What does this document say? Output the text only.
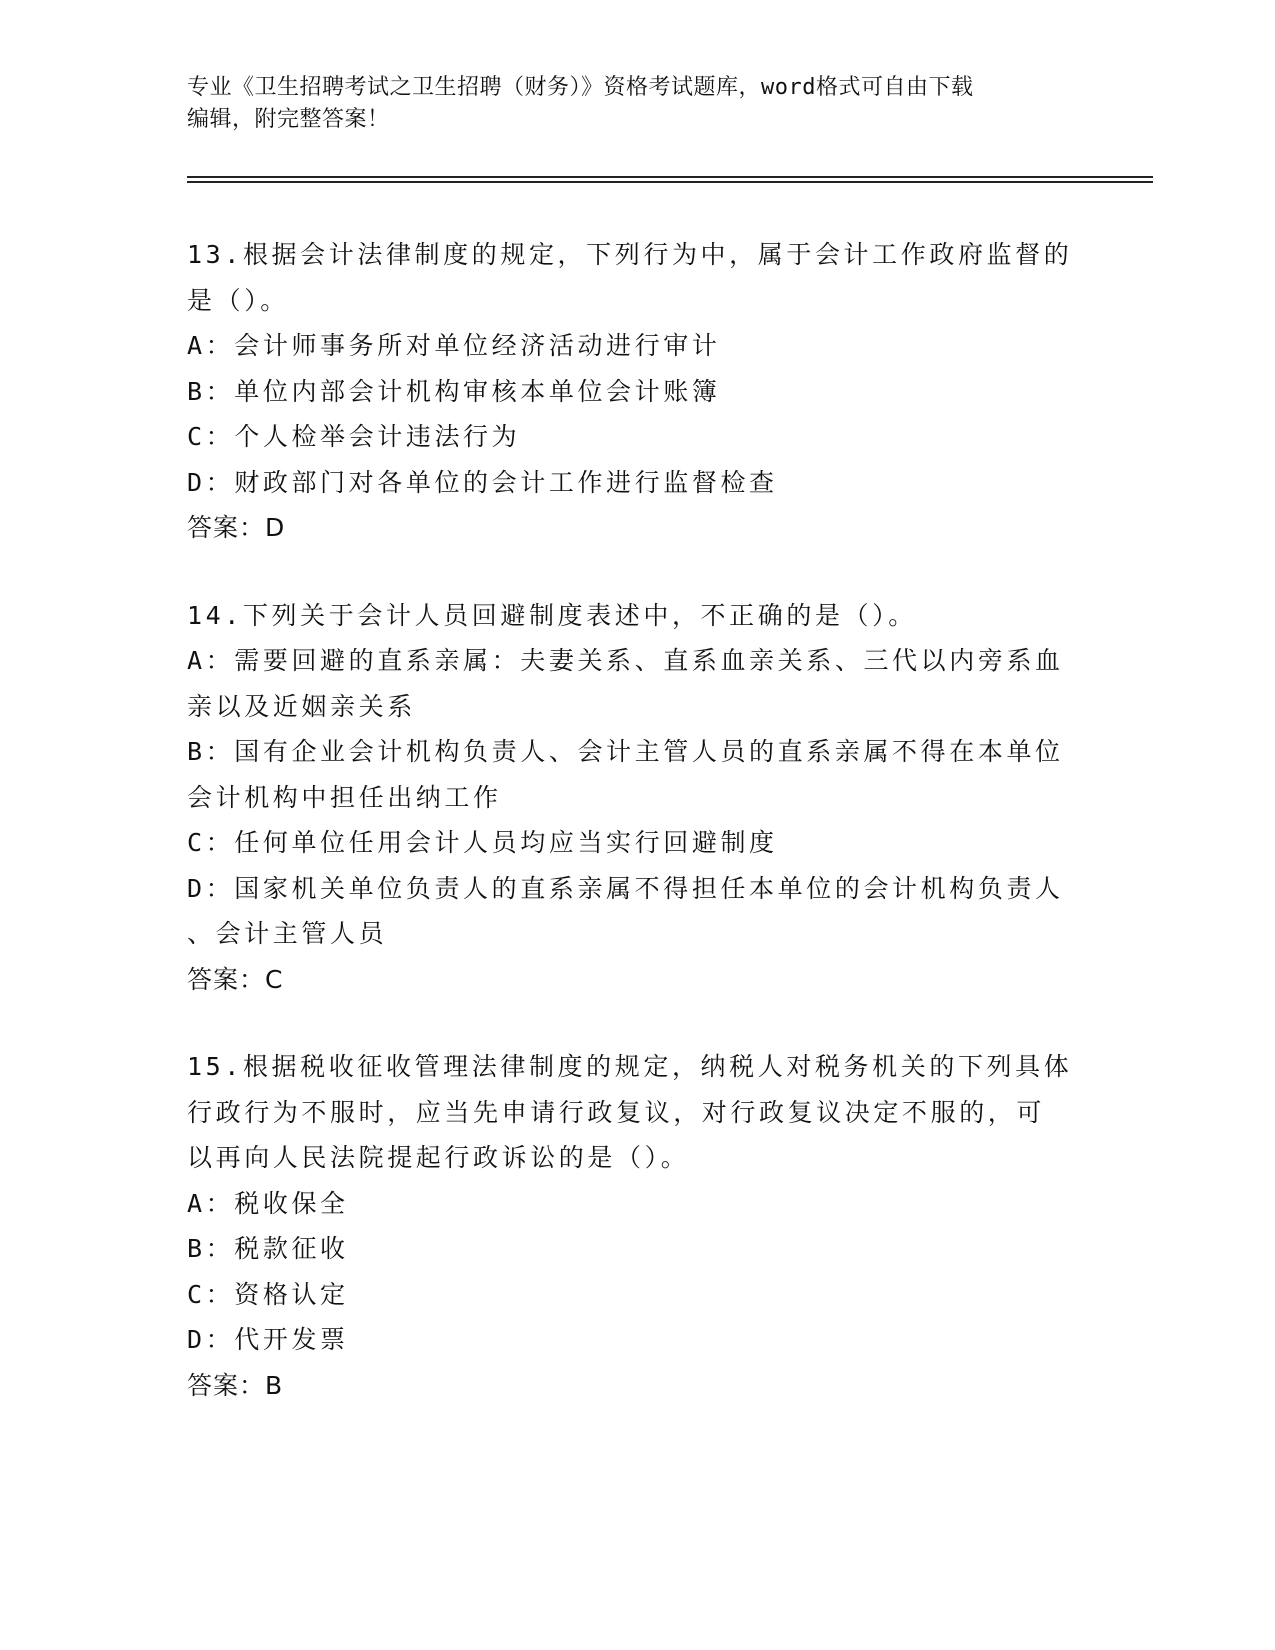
专业《卫生招聘考试之卫生招聘（财务）》资格考试题库，word格式可自由下载
编辑，附完整答案！
13.根据会计法律制度的规定，下列行为中，属于会计工作政府监督的
是（）。
A：会计师事务所对单位经济活动进行审计
B：单位内部会计机构审核本单位会计账簿
C：个人检举会计违法行为
D：财政部门对各单位的会计工作进行监督检查
答案：D
14.下列关于会计人员回避制度表述中，不正确的是（）。
A：需要回避的直系亲属：夫妻关系、直系血亲关系、三代以内旁系血
亲以及近姻亲关系
B：国有企业会计机构负责人、会计主管人员的直系亲属不得在本单位
会计机构中担任出纳工作
C：任何单位任用会计人员均应当实行回避制度
D：国家机关单位负责人的直系亲属不得担任本单位的会计机构负责人
、会计主管人员
答案：C
15.根据税收征收管理法律制度的规定，纳税人对税务机关的下列具体
行政行为不服时，应当先申请行政复议，对行政复议决定不服的，可
以再向人民法院提起行政诉讼的是（）。
A：税收保全
B：税款征收
C：资格认定
D：代开发票
答案：B
